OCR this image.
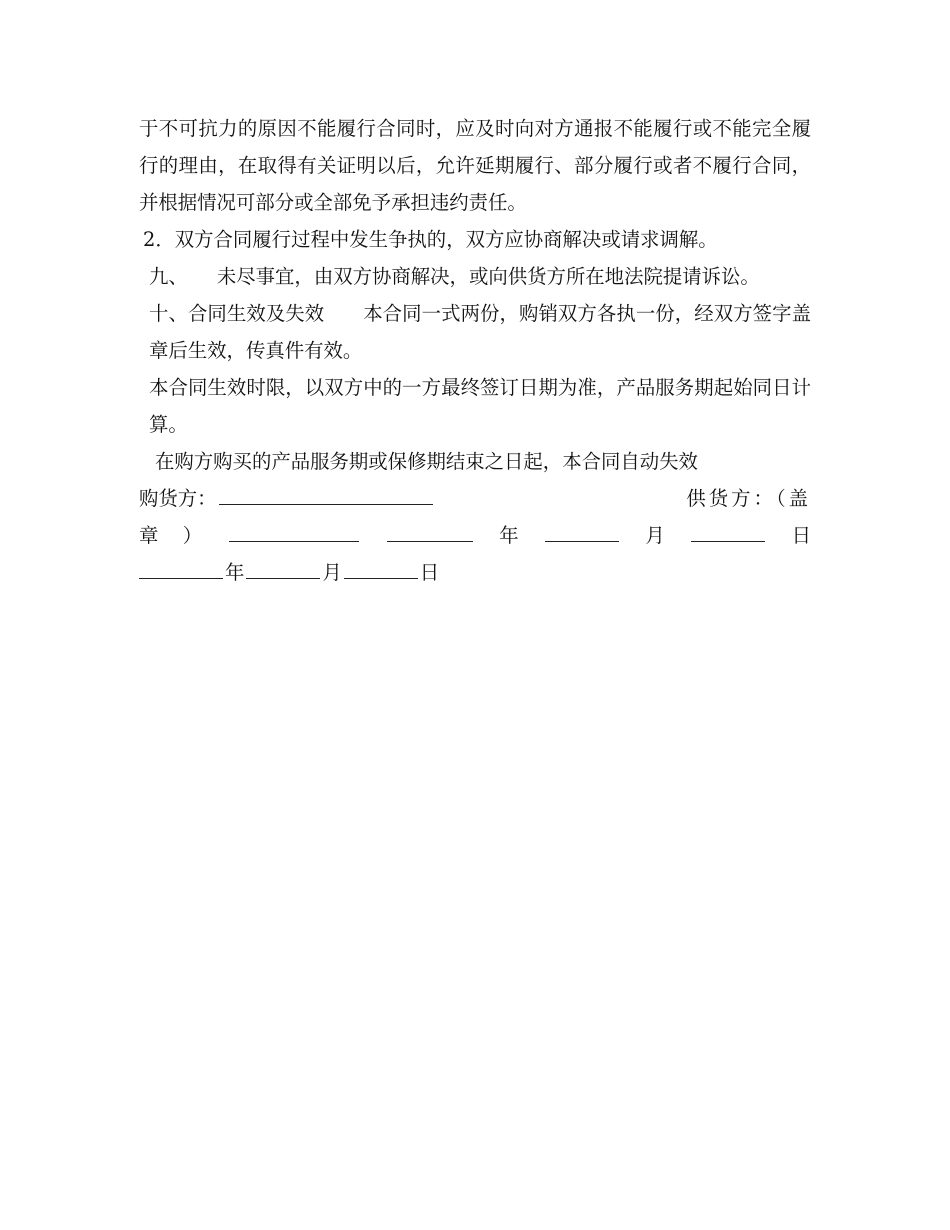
于不可抗力的原因不能履行合同时，应及时向对方通报不能履行或不能完全履行的理由，在取得有关证明以后，允许延期履行、部分履行或者不履行合同，并根据情况可部分或全部免予承担违约责任。

2．双方合同履行过程中发生争执的，双方应协商解决或请求调解。

九、　　未尽事宜，由双方协商解决，或向供货方所在地法院提请诉讼。

十、合同生效及失效　　本合同一式两份，购销双方各执一份，经双方签字盖章后生效，传真件有效。

本合同生效时限，以双方中的一方最终签订日期为准，产品服务期起始同日计算。

在购方购买的产品服务期或保修期结束之日起，本合同自动失效

购货方：	供货方：（盖
章 ）	年	月	日
年	月	日
